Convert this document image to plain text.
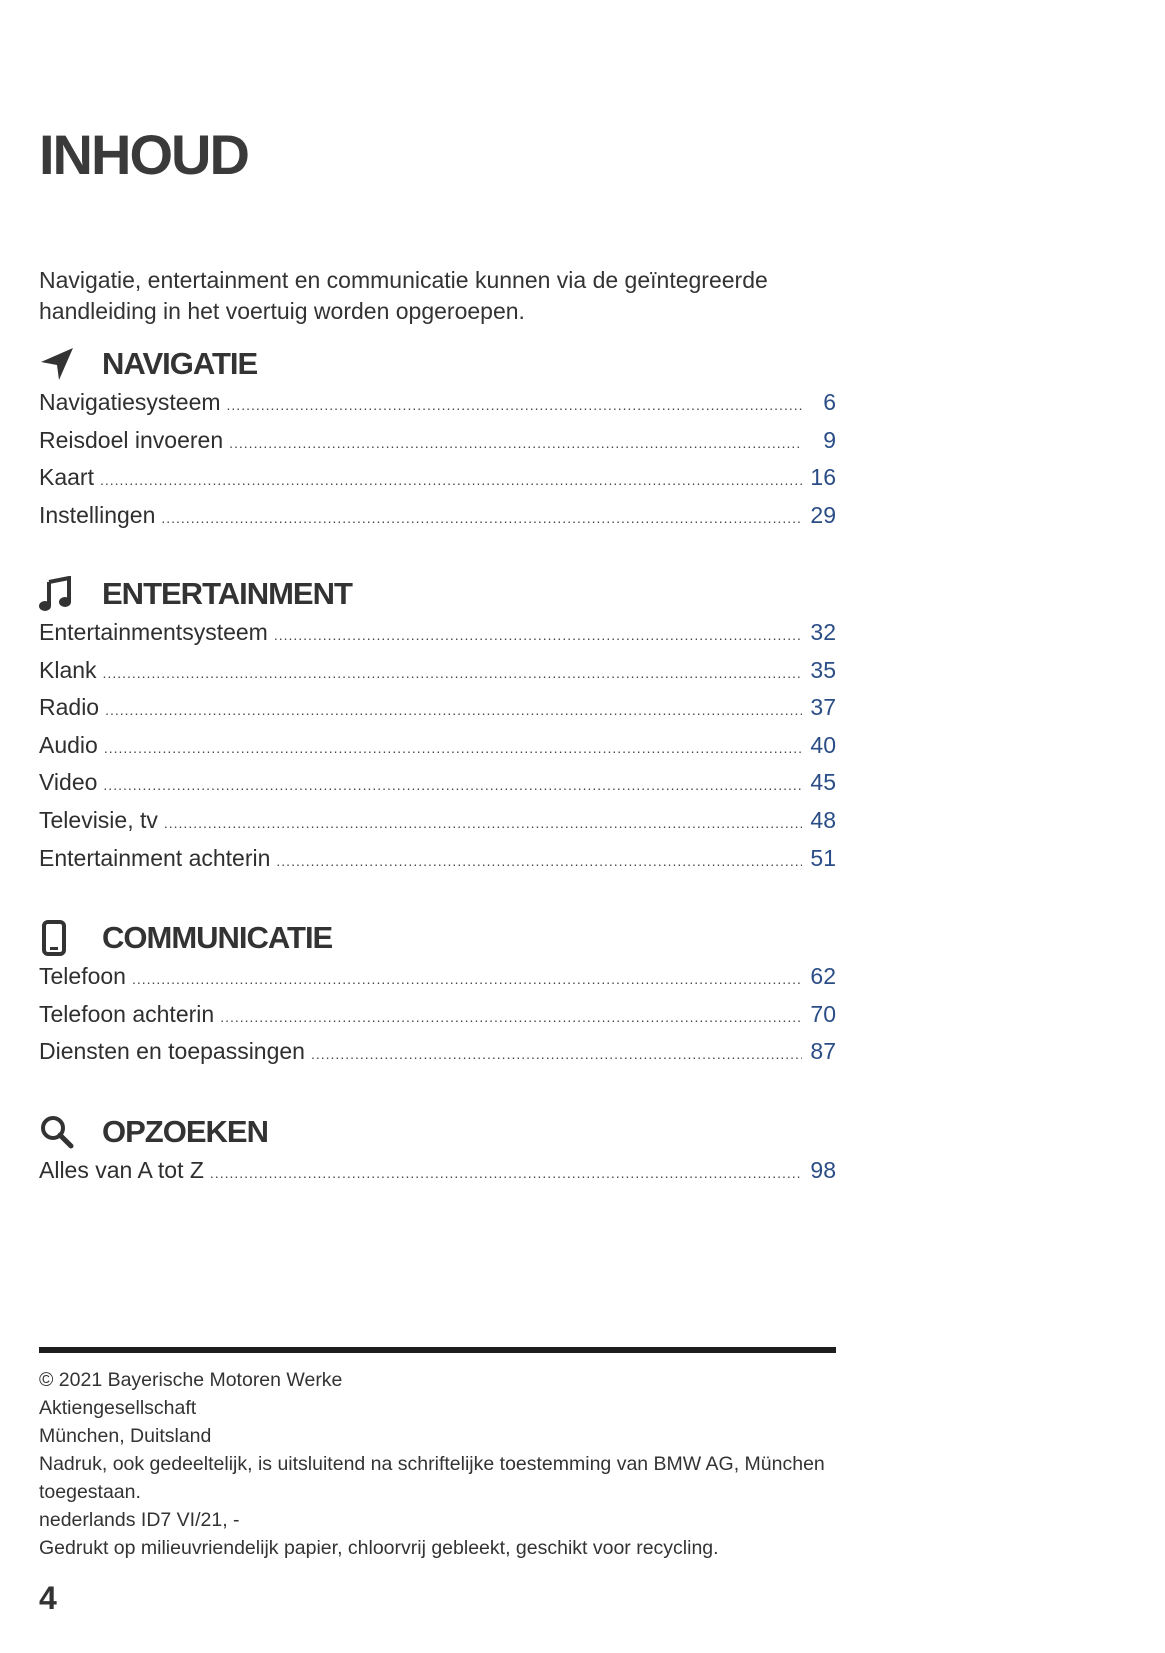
INHOUD
Navigatie, entertainment en communicatie kunnen via de geïntegreerde handleiding in het voertuig worden opgeroepen.
NAVIGATIE
Navigatiesysteem .....	6
Reisdoel invoeren .....	9
Kaart .....	16
Instellingen .....	29
ENTERTAINMENT
Entertainmentsysteem .....	32
Klank .....	35
Radio .....	37
Audio .....	40
Video .....	45
Televisie, tv .....	48
Entertainment achterin .....	51
COMMUNICATIE
Telefoon .....	62
Telefoon achterin .....	70
Diensten en toepassingen .....	87
OPZOEKEN
Alles van A tot Z .....	98
© 2021 Bayerische Motoren Werke
Aktiengesellschaft
München, Duitsland
Nadruk, ook gedeeltelijk, is uitsluitend na schriftelijke toestemming van BMW AG, München toegestaan.
nederlands ID7 VI/21, -
Gedrukt op milieuvriendelijk papier, chloorvrij gebleekt, geschikt voor recycling.
4
